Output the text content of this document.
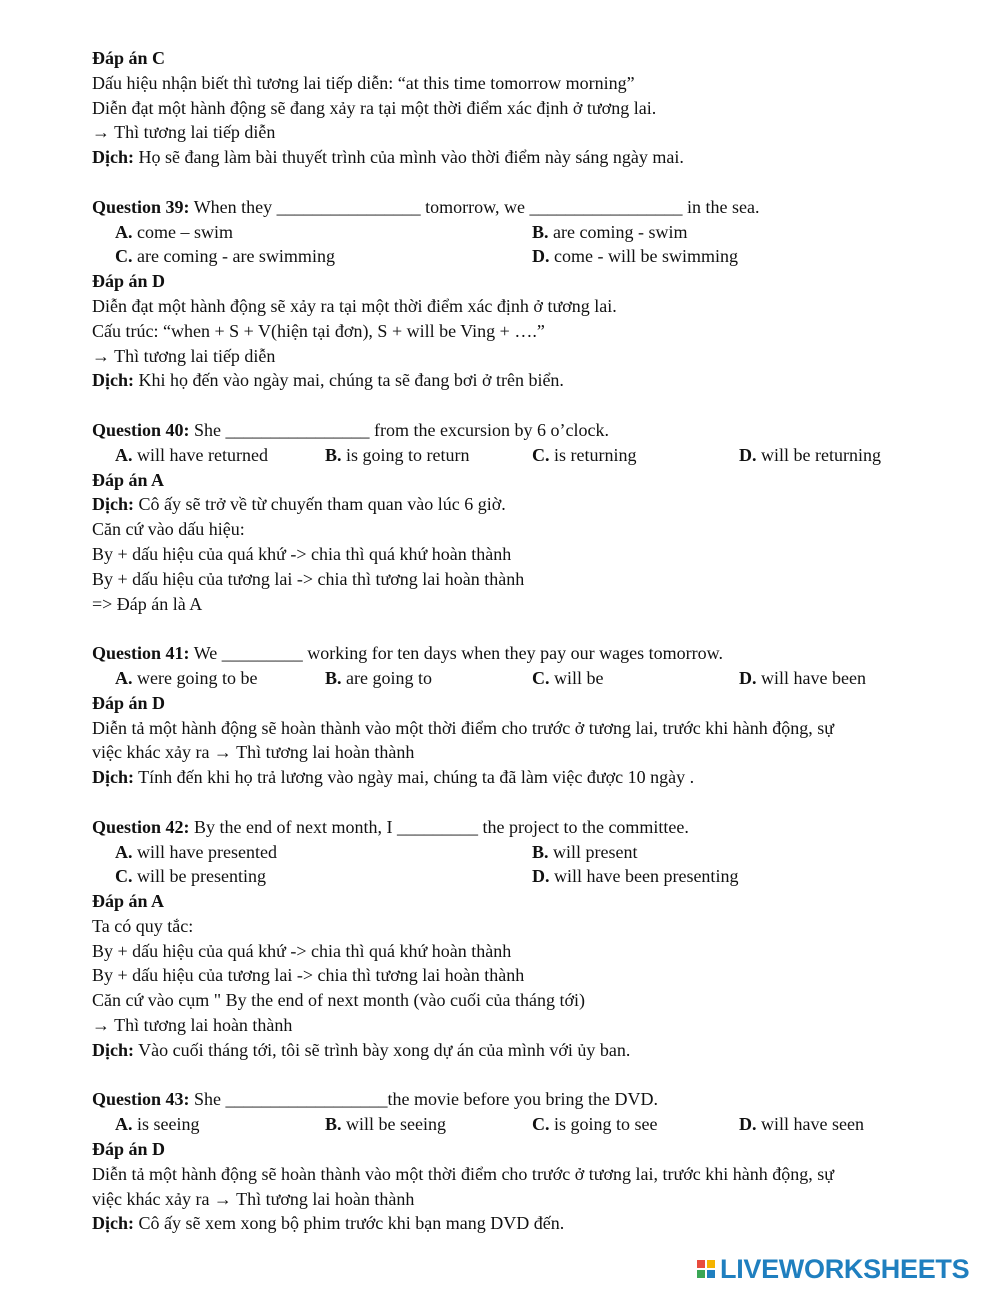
Đáp án C
Dấu hiệu nhận biết thì tương lai tiếp diễn: “at this time tomorrow morning”
Diễn đạt một hành động sẽ đang xảy ra tại một thời điểm xác định ở tương lai.
→ Thì tương lai tiếp diễn
Dịch: Họ sẽ đang làm bài thuyết trình của mình vào thời điểm này sáng ngày mai.
Question 39: When they ________________ tomorrow, we _________________ in the sea.
A. come – swim	B. are coming - swim
C. are coming - are swimming	D. come - will be swimming
Đáp án D
Diễn đạt một hành động sẽ xảy ra tại một thời điểm xác định ở tương lai.
Cấu trúc: “when + S + V(hiện tại đơn), S + will be Ving + ….”
→ Thì tương lai tiếp diễn
Dịch: Khi họ đến vào ngày mai, chúng ta sẽ đang bơi ở trên biển.
Question 40: She ________________ from the excursion by 6 o’clock.
A. will have returned	B. is going to return	C. is returning	D. will be returning
Đáp án A
Dịch: Cô ấy sẽ trở về từ chuyến tham quan vào lúc 6 giờ.
Căn cứ vào dấu hiệu:
By + dấu hiệu của quá khứ -> chia thì quá khứ hoàn thành
By + dấu hiệu của tương lai -> chia thì tương lai hoàn thành
=> Đáp án là A
Question 41: We _________ working for ten days when they pay our wages tomorrow.
A. were going to be	B. are going to	C. will be	D. will have been
Đáp án D
Diễn tả một hành động sẽ hoàn thành vào một thời điểm cho trước ở tương lai, trước khi hành động, sự
việc khác xảy ra → Thì tương lai hoàn thành
Dịch: Tính đến khi họ trả lương vào ngày mai, chúng ta đã làm việc được 10 ngày .
Question 42: By the end of next month, I _________ the project to the committee.
A. will have presented	B. will present
C. will be presenting	D. will have been presenting
Đáp án A
Ta có quy tắc:
By + dấu hiệu của quá khứ -> chia thì quá khứ hoàn thành
By + dấu hiệu của tương lai -> chia thì tương lai hoàn thành
Căn cứ vào cụm " By the end of next month (vào cuối của tháng tới)
→ Thì tương lai hoàn thành
Dịch: Vào cuối tháng tới, tôi sẽ trình bày xong dự án của mình với ủy ban.
Question 43: She __________________the movie before you bring the DVD.
A. is seeing	B. will be seeing	C. is going to see	D. will have seen
Đáp án D
Diễn tả một hành động sẽ hoàn thành vào một thời điểm cho trước ở tương lai, trước khi hành động, sự
việc khác xảy ra → Thì tương lai hoàn thành
Dịch: Cô ấy sẽ xem xong bộ phim trước khi bạn mang DVD đến.
LIVEWORKSHEETS
